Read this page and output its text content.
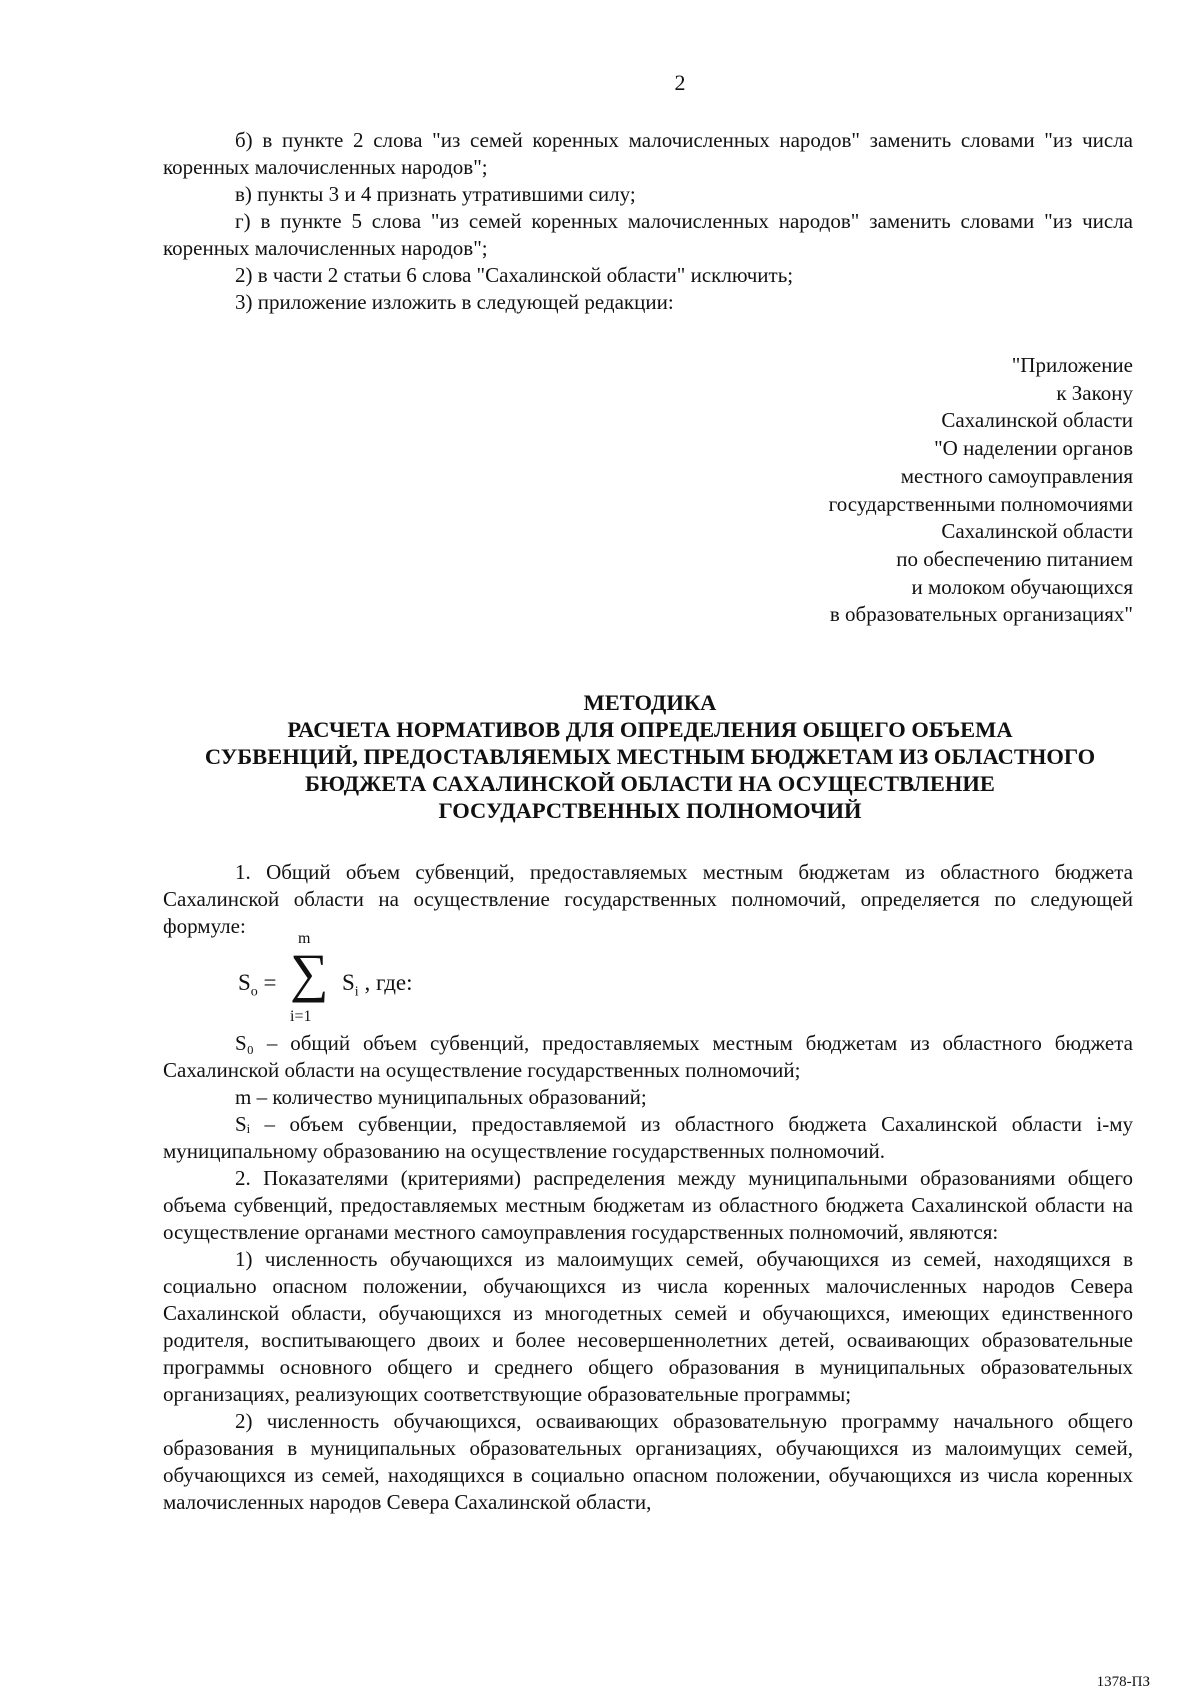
2

б) в пункте 2 слова "из семей коренных малочисленных народов" заменить словами "из числа коренных малочисленных народов";

в) пункты 3 и 4 признать утратившими силу;

г) в пункте 5 слова "из семей коренных малочисленных народов" заменить словами "из числа коренных малочисленных народов";

2) в части 2 статьи 6 слова "Сахалинской области" исключить;

3) приложение изложить в следующей редакции:

"Приложение
к Закону
Сахалинской области
"О наделении органов
местного самоуправления
государственными полномочиями
Сахалинской области
по обеспечению питанием
и молоком обучающихся
в образовательных организациях"
МЕТОДИКА
РАСЧЕТА НОРМАТИВОВ ДЛЯ ОПРЕДЕЛЕНИЯ ОБЩЕГО ОБЪЕМА
СУБВЕНЦИЙ, ПРЕДОСТАВЛЯЕМЫХ МЕСТНЫМ БЮДЖЕТАМ ИЗ ОБЛАСТНОГО
БЮДЖЕТА САХАЛИНСКОЙ ОБЛАСТИ НА ОСУЩЕСТВЛЕНИЕ
ГОСУДАРСТВЕННЫХ ПОЛНОМОЧИЙ

1. Общий объем субвенций, предоставляемых местным бюджетам из областного бюджета Сахалинской области на осуществление государственных полномочий, определяется по следующей формуле:

$S_o$ =
m
∑
i=1
$S_i$ , где:

S₀ – общий объем субвенций, предоставляемых местным бюджетам из областного бюджета Сахалинской области на осуществление государственных полномочий;

m – количество муниципальных образований;

Sᵢ – объем субвенции, предоставляемой из областного бюджета Сахалинской области i-му муниципальному образованию на осуществление государственных полномочий.

2. Показателями (критериями) распределения между муниципальными образованиями общего объема субвенций, предоставляемых местным бюджетам из областного бюджета Сахалинской области на осуществление органами местного самоуправления государственных полномочий, являются:

1) численность обучающихся из малоимущих семей, обучающихся из семей, находящихся в социально опасном положении, обучающихся из числа коренных малочисленных народов Севера Сахалинской области, обучающихся из многодетных семей и обучающихся, имеющих единственного родителя, воспитывающего двоих и более несовершеннолетних детей, осваивающих образовательные программы основного общего и среднего общего образования в муниципальных образовательных организациях, реализующих соответствующие образовательные программы;

2) численность обучающихся, осваивающих образовательную программу начального общего образования в муниципальных образовательных организациях, обучающихся из малоимущих семей, обучающихся из семей, находящихся в социально опасном положении, обучающихся из числа коренных малочисленных народов Севера Сахалинской области,

1378-ПЗ
